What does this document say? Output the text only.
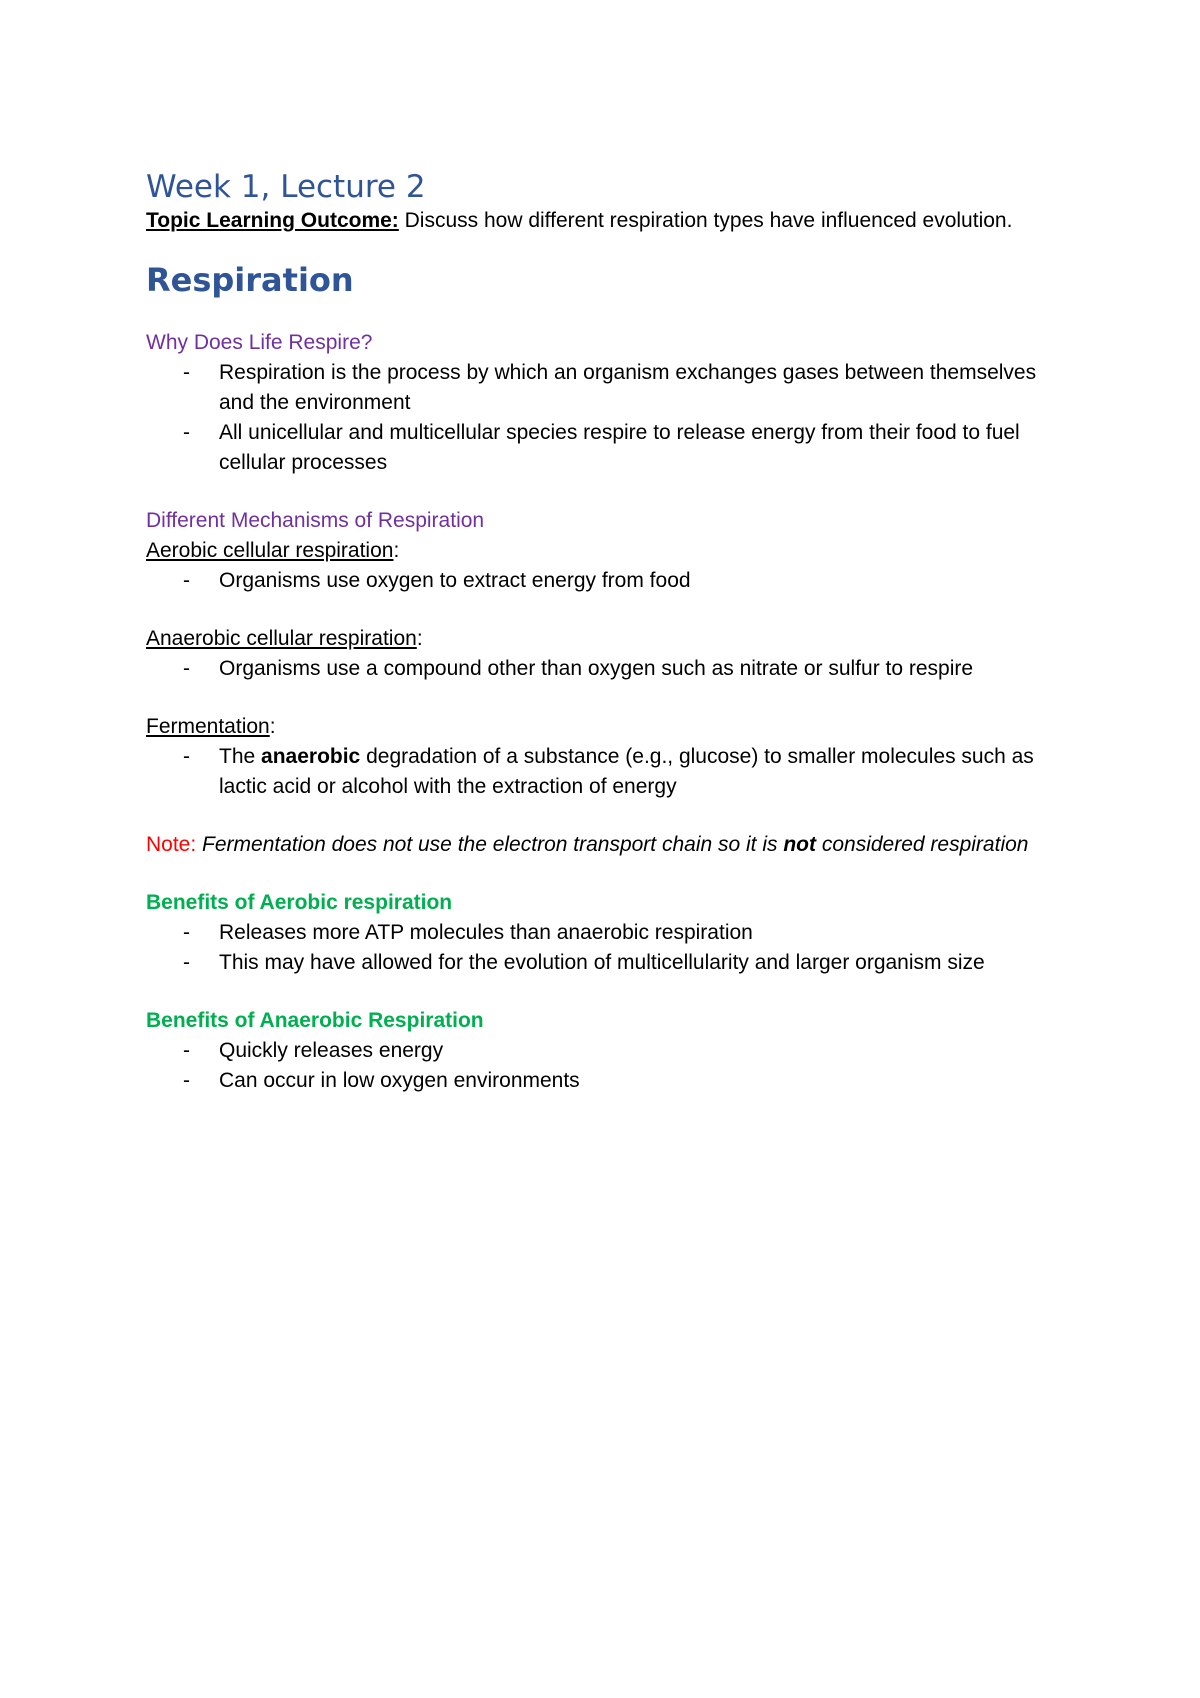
Week 1, Lecture 2

Topic Learning Outcome: Discuss how different respiration types have influenced evolution.

Respiration

Why Does Life Respire?

- Respiration is the process by which an organism exchanges gases between themselves and the environment
- All unicellular and multicellular species respire to release energy from their food to fuel cellular processes

Different Mechanisms of Respiration

Aerobic cellular respiration:

- Organisms use oxygen to extract energy from food

Anaerobic cellular respiration:

- Organisms use a compound other than oxygen such as nitrate or sulfur to respire

Fermentation:

- The anaerobic degradation of a substance (e.g., glucose) to smaller molecules such as lactic acid or alcohol with the extraction of energy

Note: Fermentation does not use the electron transport chain so it is not considered respiration

Benefits of Aerobic respiration

- Releases more ATP molecules than anaerobic respiration
- This may have allowed for the evolution of multicellularity and larger organism size

Benefits of Anaerobic Respiration

- Quickly releases energy
- Can occur in low oxygen environments
